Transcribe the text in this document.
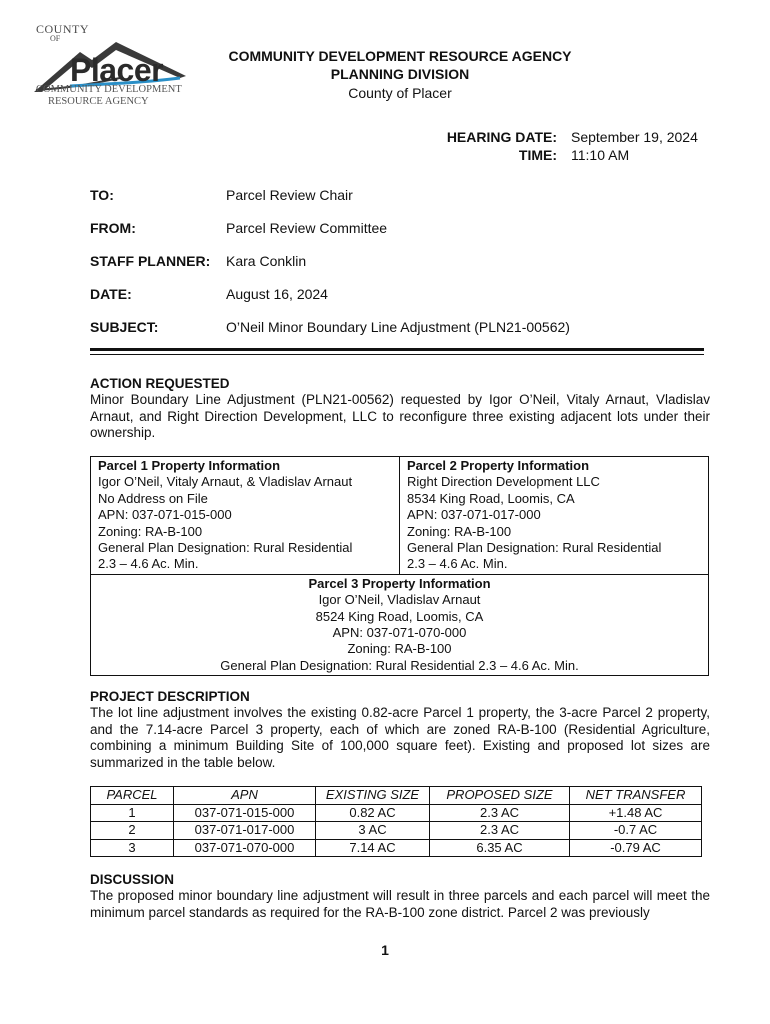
COUNTY
OF
Placer
COMMUNITY DEVELOPMENT
RESOURCE AGENCY
COMMUNITY DEVELOPMENT RESOURCE AGENCY
PLANNING DIVISION
County of Placer
HEARING DATE:	September 19, 2024
TIME:	11:10 AM
TO:	Parcel Review Chair
FROM:	Parcel Review Committee
STAFF PLANNER:	Kara Conklin
DATE:	August 16, 2024
SUBJECT:	O’Neil Minor Boundary Line Adjustment (PLN21-00562)
ACTION REQUESTED
Minor Boundary Line Adjustment (PLN21-00562) requested by Igor O’Neil, Vitaly Arnaut, Vladislav Arnaut, and Right Direction Development, LLC to reconfigure three existing adjacent lots under their ownership.
Parcel 1 Property Information
Igor O’Neil, Vitaly Arnaut, & Vladislav Arnaut
No Address on File
APN: 037-071-015-000
Zoning: RA-B-100
General Plan Designation: Rural Residential
2.3 – 4.6 Ac. Min.

Parcel 2 Property Information
Right Direction Development LLC
8534 King Road, Loomis, CA
APN: 037-071-017-000
Zoning: RA-B-100
General Plan Designation: Rural Residential
2.3 – 4.6 Ac. Min.

Parcel 3 Property Information
Igor O’Neil, Vladislav Arnaut
8524 King Road, Loomis, CA
APN: 037-071-070-000
Zoning: RA-B-100
General Plan Designation: Rural Residential 2.3 – 4.6 Ac. Min.
PROJECT DESCRIPTION
The lot line adjustment involves the existing 0.82-acre Parcel 1 property, the 3-acre Parcel 2 property, and the 7.14-acre Parcel 3 property, each of which are zoned RA-B-100 (Residential Agriculture, combining a minimum Building Site of 100,000 square feet). Existing and proposed lot sizes are summarized in the table below.
PARCEL	APN	EXISTING SIZE	PROPOSED SIZE	NET TRANSFER
1	037-071-015-000	0.82 AC	2.3 AC	+1.48 AC
2	037-071-017-000	3 AC	2.3 AC	-0.7 AC
3	037-071-070-000	7.14 AC	6.35 AC	-0.79 AC
DISCUSSION
The proposed minor boundary line adjustment will result in three parcels and each parcel will meet the minimum parcel standards as required for the RA-B-100 zone district. Parcel 2 was previously
1
